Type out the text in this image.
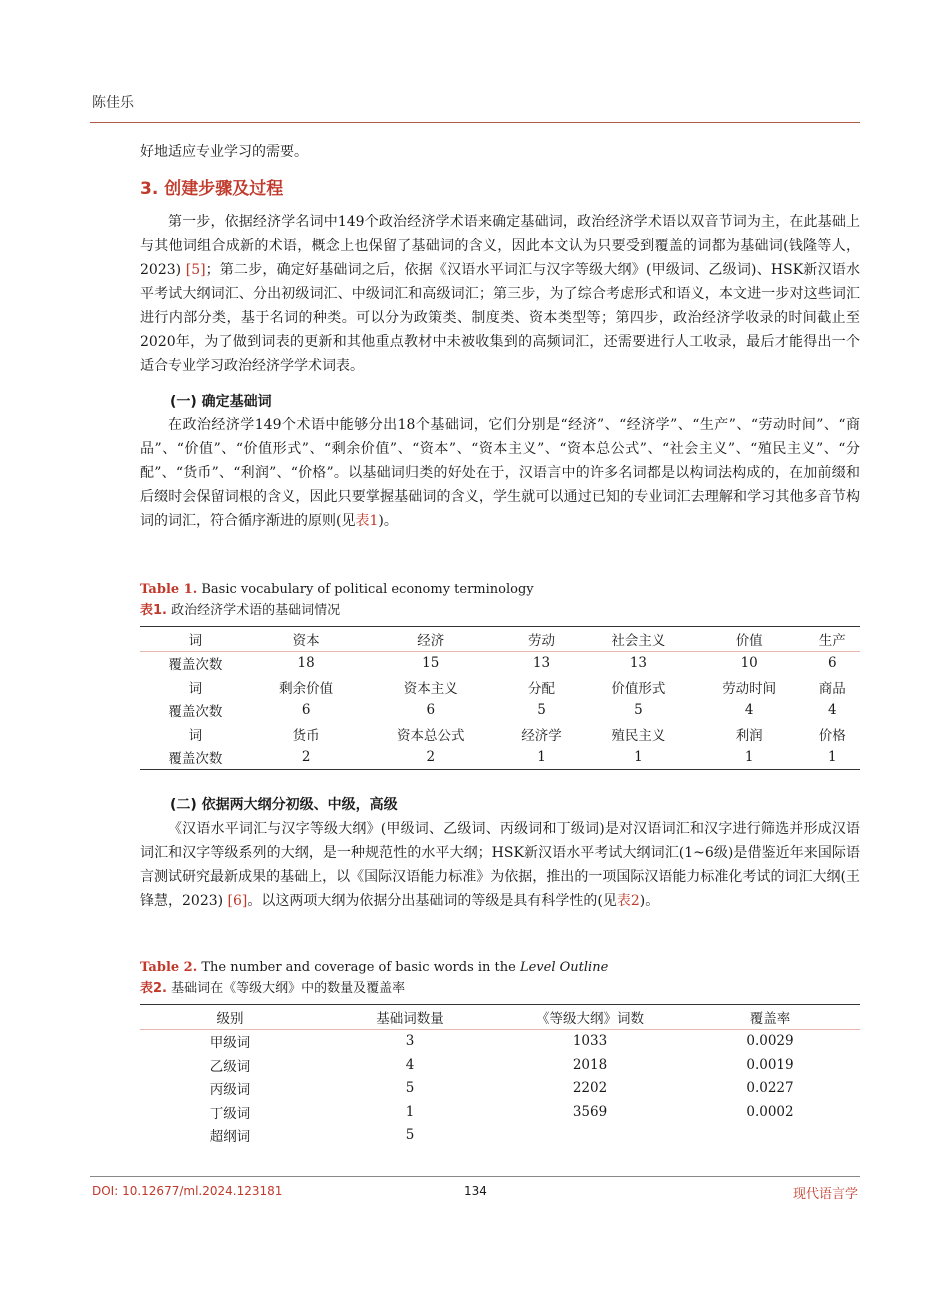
陈佳乐
好地适应专业学习的需要。
3. 创建步骤及过程
第一步，依据经济学名词中149个政治经济学术语来确定基础词，政治经济学术语以双音节词为主，在此基础上与其他词组合成新的术语，概念上也保留了基础词的含义，因此本文认为只要受到覆盖的词都为基础词(钱隆等人，2023) [5]；第二步，确定好基础词之后，依据《汉语水平词汇与汉字等级大纲》(甲级词、乙级词)、HSK新汉语水平考试大纲词汇、分出初级词汇、中级词汇和高级词汇；第三步，为了综合考虑形式和语义，本文进一步对这些词汇进行内部分类，基于名词的种类。可以分为政策类、制度类、资本类型等；第四步，政治经济学收录的时间截止至2020年，为了做到词表的更新和其他重点教材中未被收集到的高频词汇，还需要进行人工收录，最后才能得出一个适合专业学习政治经济学学术词表。
(一) 确定基础词
在政治经济学149个术语中能够分出18个基础词，它们分别是“经济”、“经济学”、“生产”、“劳动时间”、“商品”、“价值”、“价值形式”、“剩余价值”、“资本”、“资本主义”、“资本总公式”、“社会主义”、“殖民主义”、“分配”、“货币”、“利润”、“价格”。以基础词归类的好处在于，汉语言中的许多名词都是以构词法构成的，在加前缀和后缀时会保留词根的含义，因此只要掌握基础词的含义，学生就可以通过已知的专业词汇去理解和学习其他多音节构词的词汇，符合循序渐进的原则(见表1)。
Table 1. Basic vocabulary of political economy terminology
表1. 政治经济学术语的基础词情况
词	资本	经济	劳动	社会主义	价值	生产
覆盖次数	18	15	13	13	10	6
词	剩余价值	资本主义	分配	价值形式	劳动时间	商品
覆盖次数	6	6	5	5	4	4
词	货币	资本总公式	经济学	殖民主义	利润	价格
覆盖次数	2	2	1	1	1	1
(二) 依据两大纲分初级、中级，高级
《汉语水平词汇与汉字等级大纲》(甲级词、乙级词、丙级词和丁级词)是对汉语词汇和汉字进行筛选并形成汉语词汇和汉字等级系列的大纲，是一种规范性的水平大纲；HSK新汉语水平考试大纲词汇(1~6级)是借鉴近年来国际语言测试研究最新成果的基础上，以《国际汉语能力标准》为依据，推出的一项国际汉语能力标准化考试的词汇大纲(王锋慧，2023) [6]。以这两项大纲为依据分出基础词的等级是具有科学性的(见表2)。
Table 2. The number and coverage of basic words in the Level Outline
表2. 基础词在《等级大纲》中的数量及覆盖率
级别	基础词数量	《等级大纲》词数	覆盖率
甲级词	3	1033	0.0029
乙级词	4	2018	0.0019
丙级词	5	2202	0.0227
丁级词	1	3569	0.0002
超纲词	5		
DOI: 10.12677/ml.2024.123181	134	现代语言学
